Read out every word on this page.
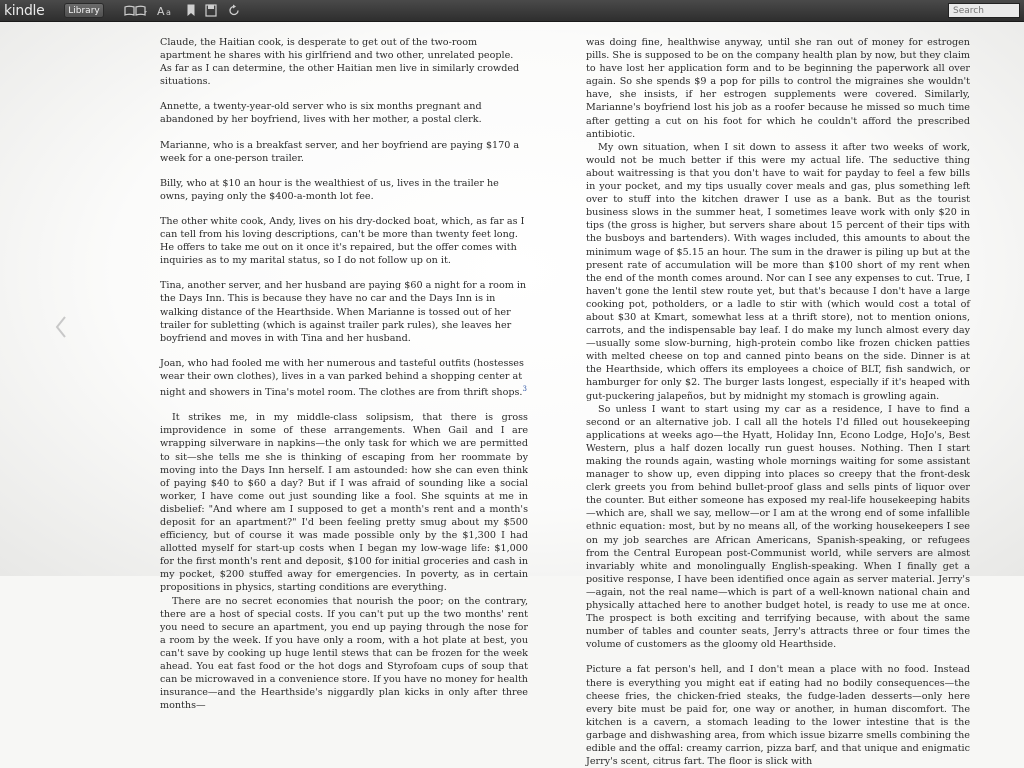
kindle	Library	A a
Search

Claude, the Haitian cook, is desperate to get out of the two-room apartment he shares with his girlfriend and two other, unrelated people. As far as I can determine, the other Haitian men live in similarly crowded situations.

Annette, a twenty-year-old server who is six months pregnant and abandoned by her boyfriend, lives with her mother, a postal clerk.

Marianne, who is a breakfast server, and her boyfriend are paying $170 a week for a one-person trailer.

Billy, who at $10 an hour is the wealthiest of us, lives in the trailer he owns, paying only the $400-a-month lot fee.

The other white cook, Andy, lives on his dry-docked boat, which, as far as I can tell from his loving descriptions, can't be more than twenty feet long. He offers to take me out on it once it's repaired, but the offer comes with inquiries as to my marital status, so I do not follow up on it.

Tina, another server, and her husband are paying $60 a night for a room in the Days Inn. This is because they have no car and the Days Inn is in walking distance of the Hearthside. When Marianne is tossed out of her trailer for subletting (which is against trailer park rules), she leaves her boyfriend and moves in with Tina and her husband.

Joan, who had fooled me with her numerous and tasteful outfits (hostesses wear their own clothes), lives in a van parked behind a shopping center at night and showers in Tina's motel room. The clothes are from thrift shops.$^3$

It strikes me, in my middle-class solipsism, that there is gross improvidence in some of these arrangements. When Gail and I are wrapping silverware in napkins—the only task for which we are permitted to sit—she tells me she is thinking of escaping from her roommate by moving into the Days Inn herself. I am astounded: how she can even think of paying $40 to $60 a day? But if I was afraid of sounding like a social worker, I have come out just sounding like a fool. She squints at me in disbelief: "And where am I supposed to get a month's rent and a month's deposit for an apartment?" I'd been feeling pretty smug about my $500 efficiency, but of course it was made possible only by the $1,300 I had allotted myself for start-up costs when I began my low-wage life: $1,000 for the first month's rent and deposit, $100 for initial groceries and cash in my pocket, $200 stuffed away for emergencies. In poverty, as in certain propositions in physics, starting conditions are everything.

There are no secret economies that nourish the poor; on the contrary, there are a host of special costs. If you can't put up the two months' rent you need to secure an apartment, you end up paying through the nose for a room by the week. If you have only a room, with a hot plate at best, you can't save by cooking up huge lentil stews that can be frozen for the week ahead. You eat fast food or the hot dogs and Styrofoam cups of soup that can be microwaved in a convenience store. If you have no money for health insurance—and the Hearthside's niggardly plan kicks in only after three months—

was doing fine, healthwise anyway, until she ran out of money for estrogen pills. She is supposed to be on the company health plan by now, but they claim to have lost her application form and to be beginning the paperwork all over again. So she spends $9 a pop for pills to control the migraines she wouldn't have, she insists, if her estrogen supplements were covered. Similarly, Marianne's boyfriend lost his job as a roofer because he missed so much time after getting a cut on his foot for which he couldn't afford the prescribed antibiotic.

My own situation, when I sit down to assess it after two weeks of work, would not be much better if this were my actual life. The seductive thing about waitressing is that you don't have to wait for payday to feel a few bills in your pocket, and my tips usually cover meals and gas, plus something left over to stuff into the kitchen drawer I use as a bank. But as the tourist business slows in the summer heat, I sometimes leave work with only $20 in tips (the gross is higher, but servers share about 15 percent of their tips with the busboys and bartenders). With wages included, this amounts to about the minimum wage of $5.15 an hour. The sum in the drawer is piling up but at the present rate of accumulation will be more than $100 short of my rent when the end of the month comes around. Nor can I see any expenses to cut. True, I haven't gone the lentil stew route yet, but that's because I don't have a large cooking pot, potholders, or a ladle to stir with (which would cost a total of about $30 at Kmart, somewhat less at a thrift store), not to mention onions, carrots, and the indispensable bay leaf. I do make my lunch almost every day—usually some slow-burning, high-protein combo like frozen chicken patties with melted cheese on top and canned pinto beans on the side. Dinner is at the Hearthside, which offers its employees a choice of BLT, fish sandwich, or hamburger for only $2. The burger lasts longest, especially if it's heaped with gut-puckering jalapeños, but by midnight my stomach is growling again.

So unless I want to start using my car as a residence, I have to find a second or an alternative job. I call all the hotels I'd filled out housekeeping applications at weeks ago—the Hyatt, Holiday Inn, Econo Lodge, HoJo's, Best Western, plus a half dozen locally run guest houses. Nothing. Then I start making the rounds again, wasting whole mornings waiting for some assistant manager to show up, even dipping into places so creepy that the front-desk clerk greets you from behind bullet-proof glass and sells pints of liquor over the counter. But either someone has exposed my real-life housekeeping habits—which are, shall we say, mellow—or I am at the wrong end of some infallible ethnic equation: most, but by no means all, of the working housekeepers I see on my job searches are African Americans, Spanish-speaking, or refugees from the Central European post-Communist world, while servers are almost invariably white and monolingually English-speaking. When I finally get a positive response, I have been identified once again as server material. Jerry's—again, not the real name—which is part of a well-known national chain and physically attached here to another budget hotel, is ready to use me at once. The prospect is both exciting and terrifying because, with about the same number of tables and counter seats, Jerry's attracts three or four times the volume of customers as the gloomy old Hearthside.

Picture a fat person's hell, and I don't mean a place with no food. Instead there is everything you might eat if eating had no bodily consequences—the cheese fries, the chicken-fried steaks, the fudge-laden desserts—only here every bite must be paid for, one way or another, in human discomfort. The kitchen is a cavern, a stomach leading to the lower intestine that is the garbage and dishwashing area, from which issue bizarre smells combining the edible and the offal: creamy carrion, pizza barf, and that unique and enigmatic Jerry's scent, citrus fart. The floor is slick with
